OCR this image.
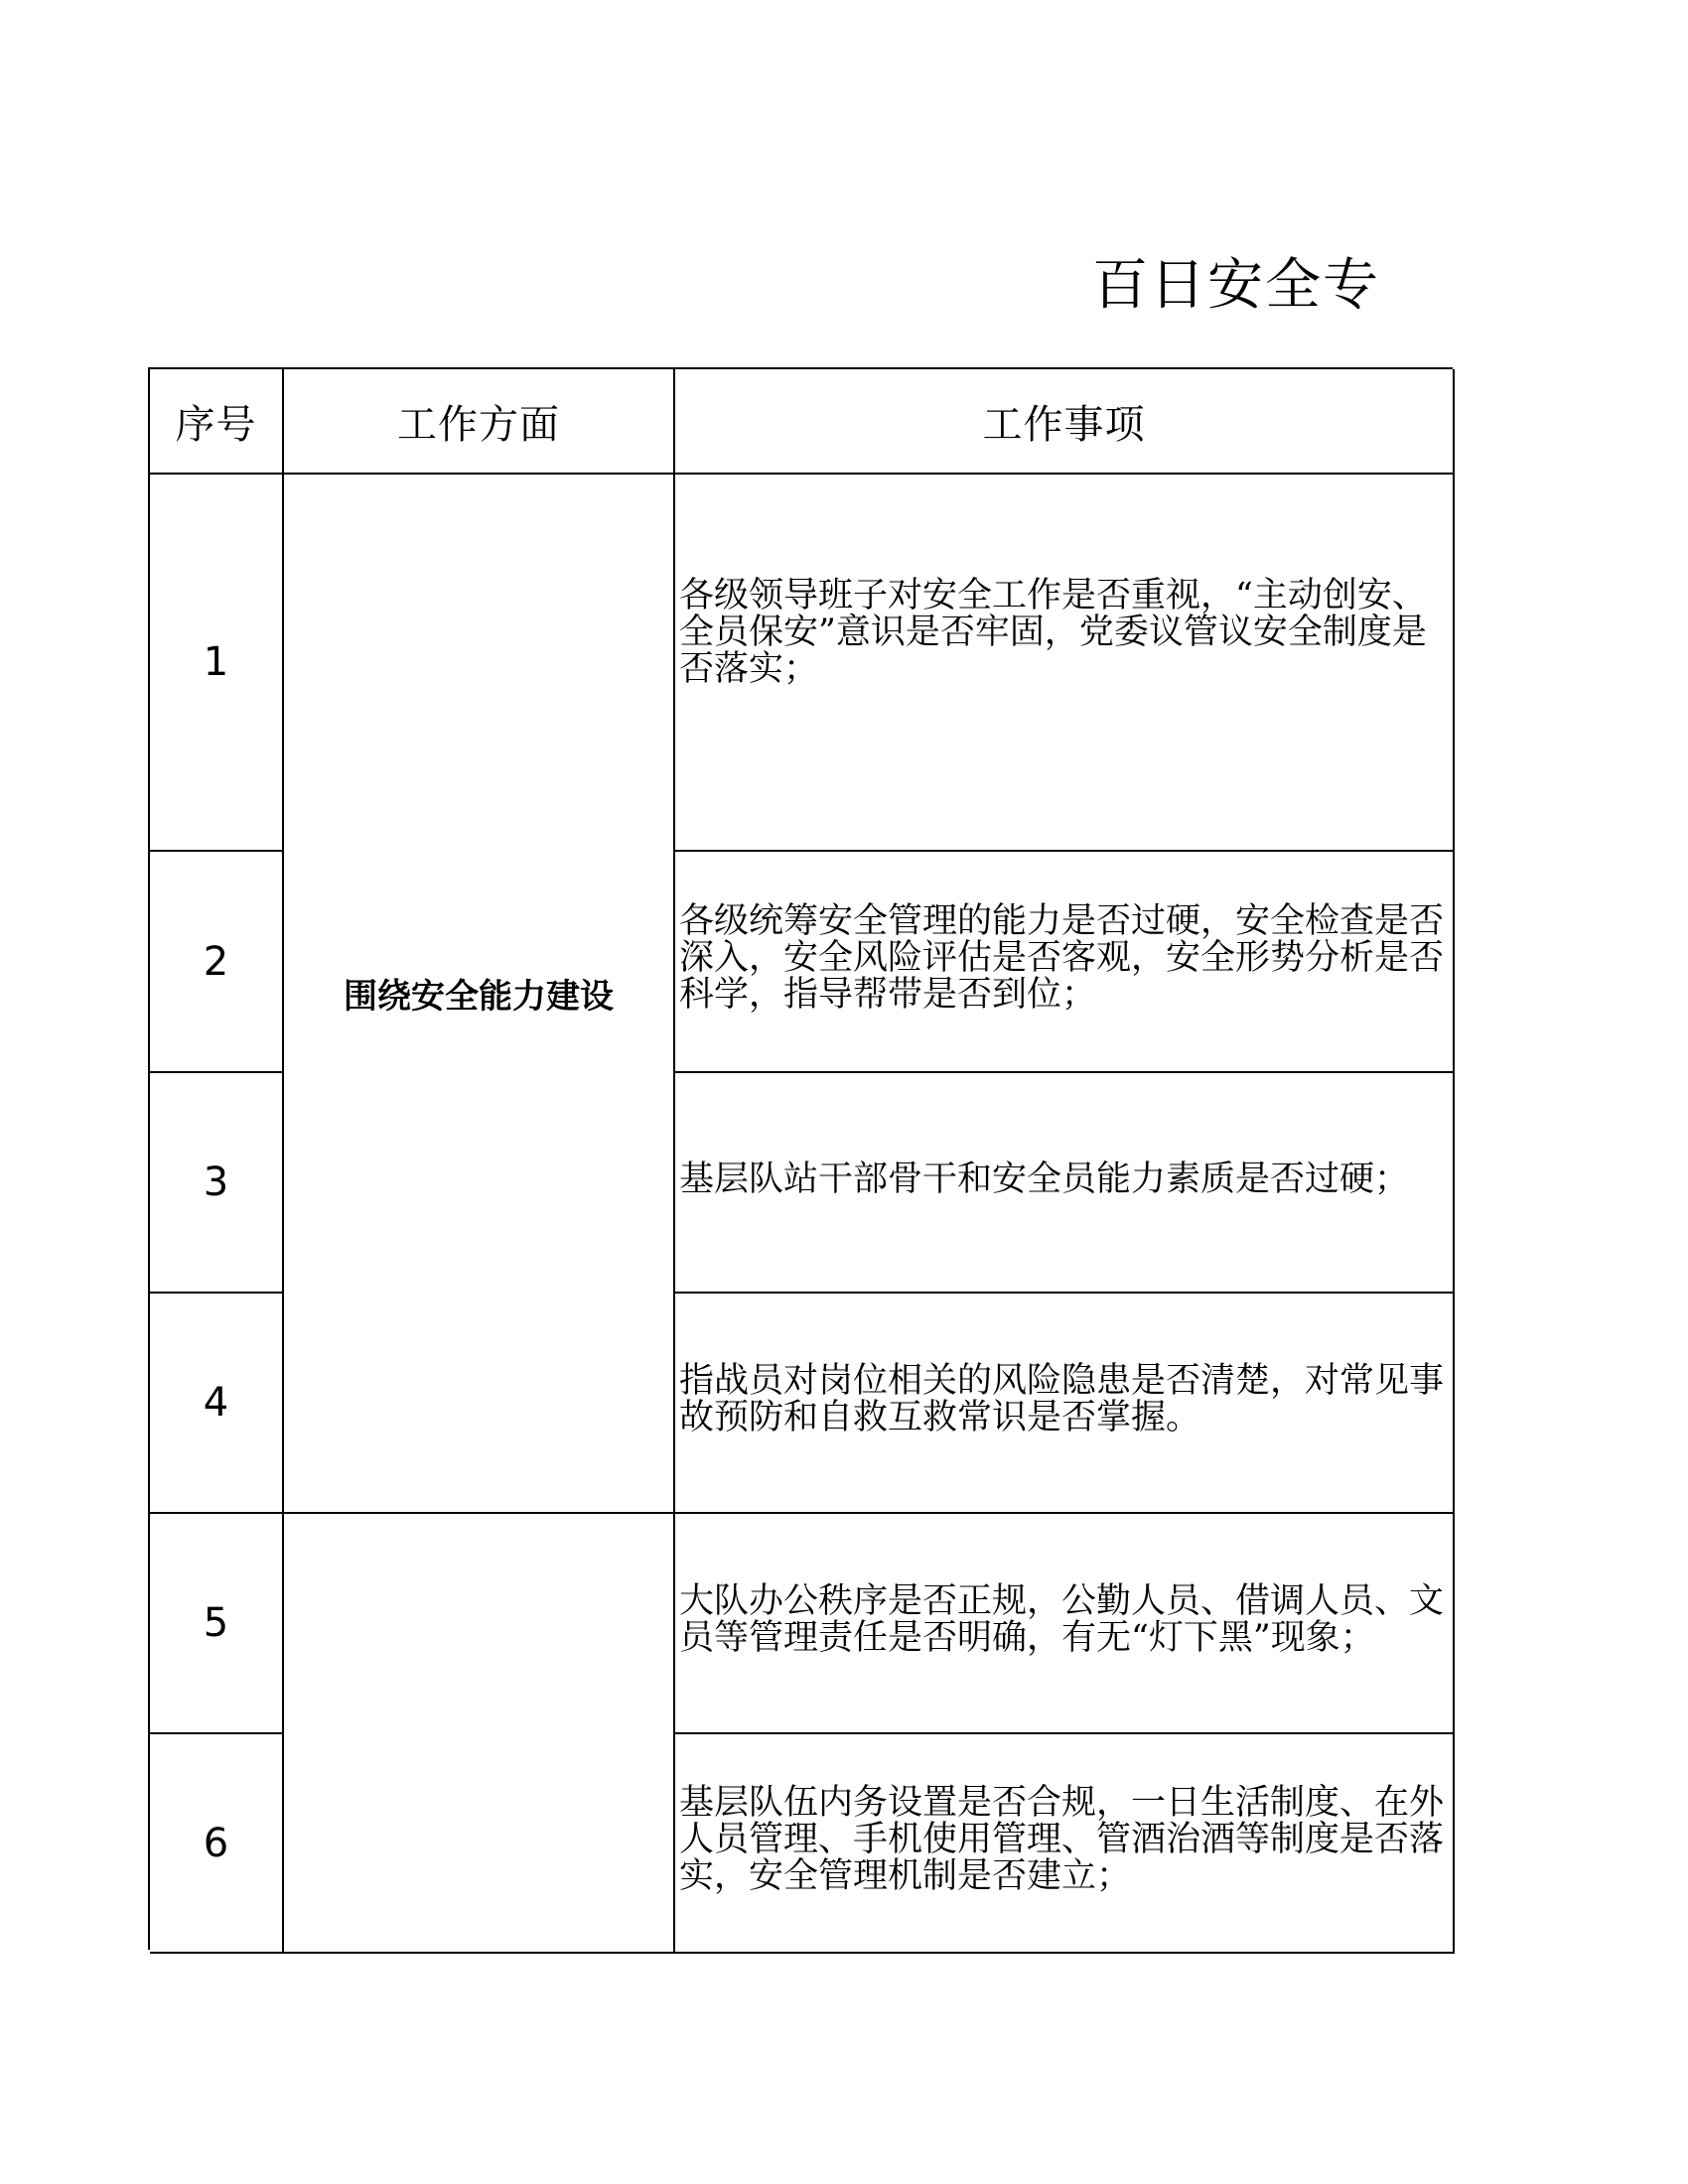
百日安全专
序号	工作方面	工作事项
1
2
3
4
5
6
围绕安全能力建设
各级领导班子对安全工作是否重视，“主动创安、全员保安”意识是否牢固，党委议管议安全制度是否落实；
各级统筹安全管理的能力是否过硬，安全检查是否深入，安全风险评估是否客观，安全形势分析是否科学，指导帮带是否到位；
基层队站干部骨干和安全员能力素质是否过硬；
指战员对岗位相关的风险隐患是否清楚，对常见事故预防和自救互救常识是否掌握。
大队办公秩序是否正规，公勤人员、借调人员、文员等管理责任是否明确，有无“灯下黑”现象；
基层队伍内务设置是否合规，一日生活制度、在外人员管理、手机使用管理、管酒治酒等制度是否落实，安全管理机制是否建立；
